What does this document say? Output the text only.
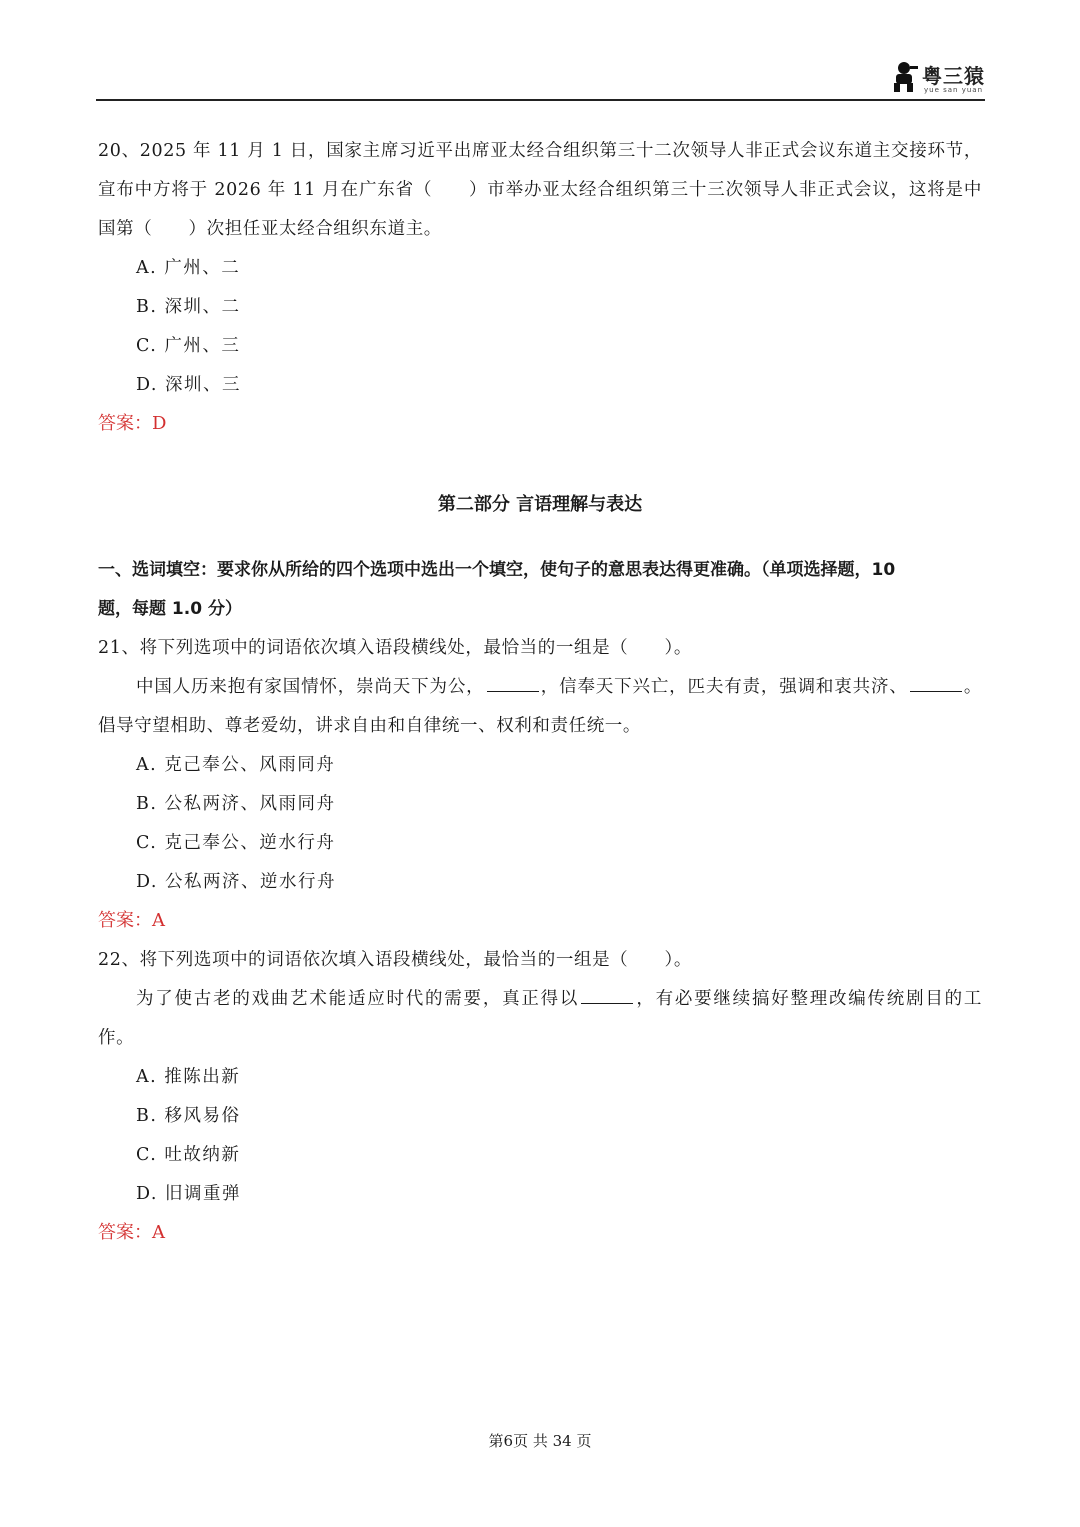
粤三猿
yue san yuan
20、2025 年 11 月 1 日，国家主席习近平出席亚太经合组织第三十二次领导人非正式会议东道主交接环节，
宣布中方将于 2026 年 11 月在广东省（　　）市举办亚太经合组织第三十三次领导人非正式会议，这将是中
国第（　　）次担任亚太经合组织东道主。
A. 广州、二
B. 深圳、二
C. 广州、三
D. 深圳、三
答案：D
第二部分 言语理解与表达
一、选词填空：要求你从所给的四个选项中选出一个填空，使句子的意思表达得更准确。（单项选择题，10
题，每题 1.0 分）
21、将下列选项中的词语依次填入语段横线处，最恰当的一组是（　　）。
中国人历来抱有家国情怀，崇尚天下为公，	，信奉天下兴亡，匹夫有责，强调和衷共济、	。
倡导守望相助、尊老爱幼，讲求自由和自律统一、权利和责任统一。
A. 克己奉公、风雨同舟
B. 公私两济、风雨同舟
C. 克己奉公、逆水行舟
D. 公私两济、逆水行舟
答案：A
22、将下列选项中的词语依次填入语段横线处，最恰当的一组是（　　）。
为了使古老的戏曲艺术能适应时代的需要，真正得以	，有必要继续搞好整理改编传统剧目的工
作。
A. 推陈出新
B. 移风易俗
C. 吐故纳新
D. 旧调重弹
答案：A
第6页 共 34 页
